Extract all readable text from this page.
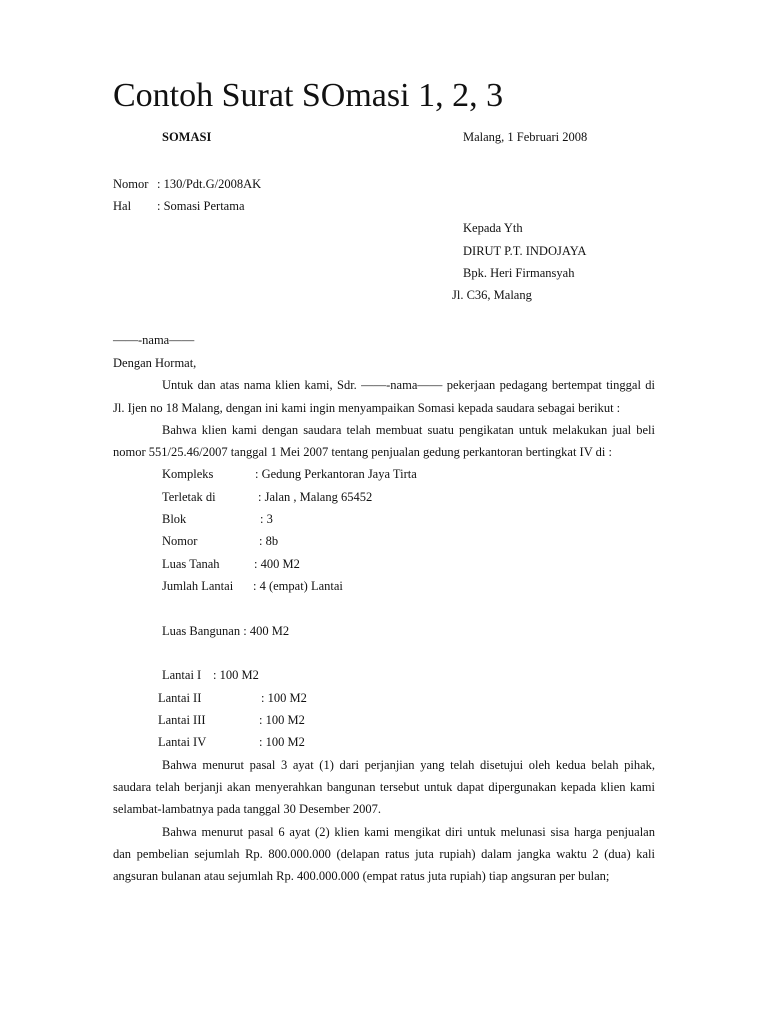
Contoh Surat SOmasi 1, 2, 3
SOMASI	Malang, 1 Februari 2008
Nomor : 130/Pdt.G/2008AK
Hal : Somasi Pertama
Kepada Yth
DIRUT P.T. INDOJAYA
Bpk. Heri Firmansyah
Jl. C36, Malang
——-nama——
Dengan Hormat,
Untuk dan atas nama klien kami, Sdr. ——-nama—— pekerjaan pedagang bertempat tinggal di
Jl. Ijen no 18 Malang, dengan ini kami ingin menyampaikan Somasi kepada saudara sebagai berikut :
Bahwa klien kami dengan saudara telah membuat suatu pengikatan untuk melakukan jual beli
nomor 551/25.46/2007 tanggal 1 Mei 2007 tentang penjualan gedung perkantoran bertingkat IV di :
Kompleks	: Gedung Perkantoran Jaya Tirta
Terletak di	: Jalan , Malang 65452
Blok	: 3
Nomor	: 8b
Luas Tanah	: 400 M2
Jumlah Lantai : 4 (empat) Lantai
Luas Bangunan : 400 M2
Lantai I : 100 M2
Lantai II	: 100 M2
Lantai III	: 100 M2
Lantai IV	: 100 M2
Bahwa menurut pasal 3 ayat (1) dari perjanjian yang telah disetujui oleh kedua belah pihak,
saudara telah berjanji akan menyerahkan bangunan tersebut untuk dapat dipergunakan kepada klien kami
selambat-lambatnya pada tanggal 30 Desember 2007.
Bahwa menurut pasal 6 ayat (2) klien kami mengikat diri untuk melunasi sisa harga penjualan
dan pembelian sejumlah Rp. 800.000.000 (delapan ratus juta rupiah) dalam jangka waktu 2 (dua) kali
angsuran bulanan atau sejumlah Rp. 400.000.000 (empat ratus juta rupiah) tiap angsuran per bulan;
